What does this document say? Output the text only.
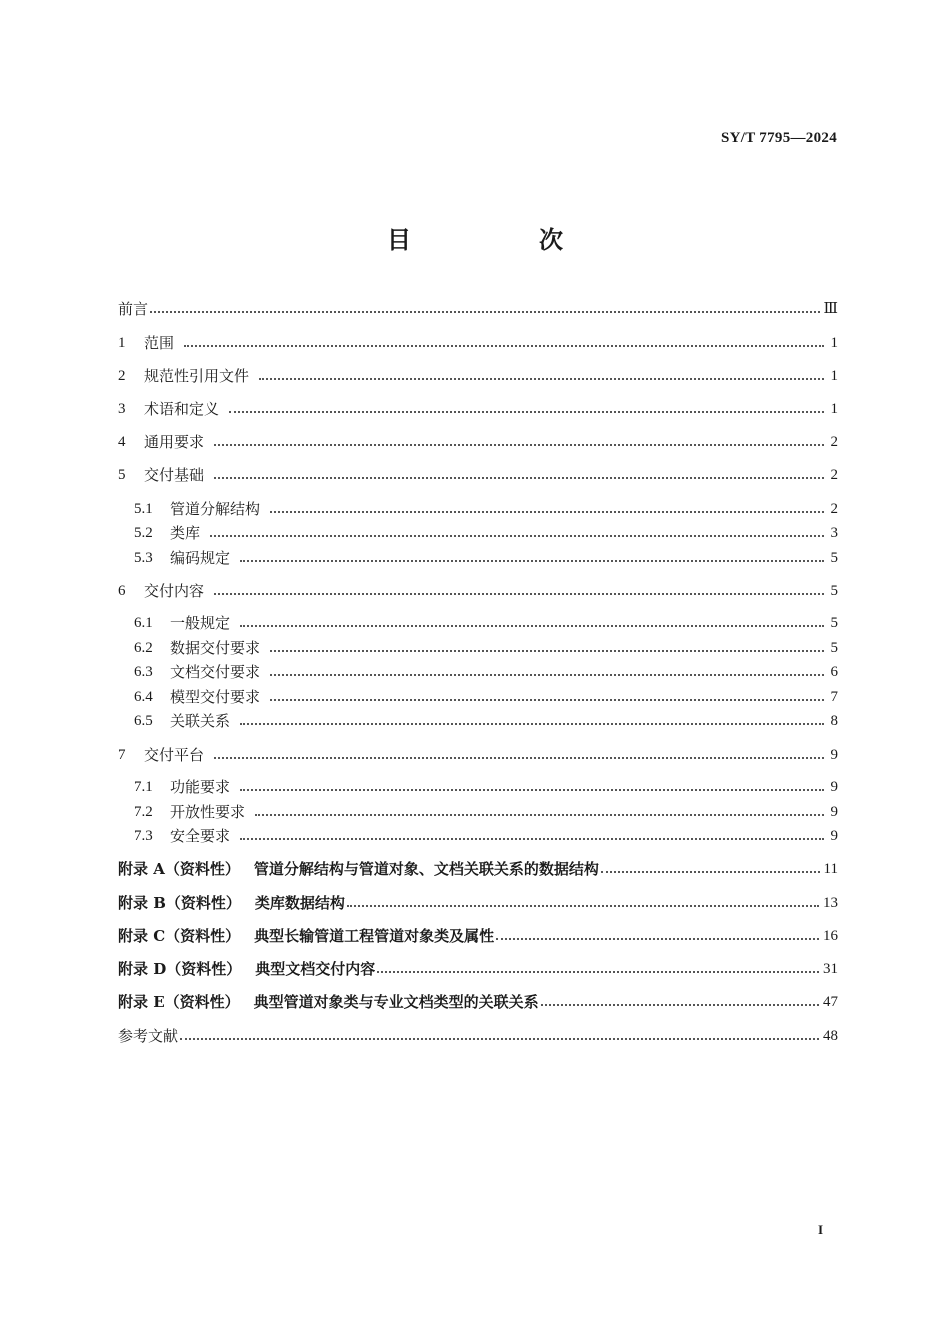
SY/T 7795—2024
目　次
前言	Ⅲ
1	范围	1
2	规范性引用文件	1
3	术语和定义	1
4	通用要求	2
5	交付基础	2
5.1	管道分解结构	2
5.2	类库	3
5.3	编码规定	5
6	交付内容	5
6.1	一般规定	5
6.2	数据交付要求	5
6.3	文档交付要求	6
6.4	模型交付要求	7
6.5	关联关系	8
7	交付平台	9
7.1	功能要求	9
7.2	开放性要求	9
7.3	安全要求	9
附录 A（资料性） 管道分解结构与管道对象、文档关联关系的数据结构	11
附录 B（资料性） 类库数据结构	13
附录 C（资料性） 典型长输管道工程管道对象类及属性	16
附录 D（资料性） 典型文档交付内容	31
附录 E（资料性） 典型管道对象类与专业文档类型的关联关系	47
参考文献	48
I
